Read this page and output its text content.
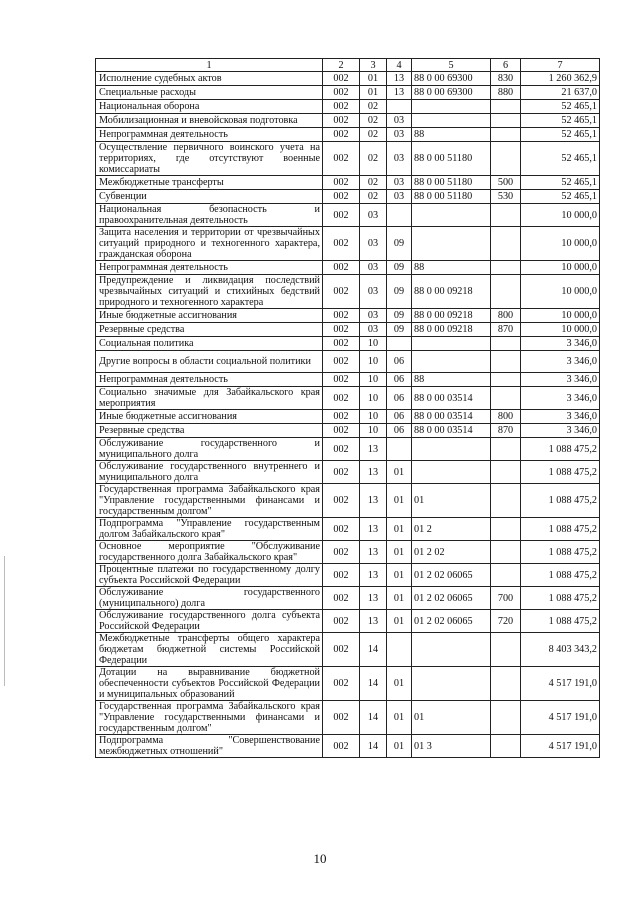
1	2	3	4	5	6	7
Исполнение судебных актов	002	01	13	88 0 00 69300	830	1 260 362,9
Специальные расходы	002	01	13	88 0 00 69300	880	21 637,0
Национальная оборона	002	02				52 465,1
Мобилизационная и вневойсковая подготовка	002	02	03			52 465,1
Непрограммная деятельность	002	02	03	88		52 465,1
Осуществление первичного воинского учета на территориях, где отсутствуют военные комиссариаты	002	02	03	88 0 00 51180		52 465,1
Межбюджетные трансферты	002	02	03	88 0 00 51180	500	52 465,1
Субвенции	002	02	03	88 0 00 51180	530	52 465,1
Национальная безопасность и правоохранительная деятельность	002	03				10 000,0
Защита населения и территории от чрезвычайных ситуаций природного и техногенного характера, гражданская оборона	002	03	09			10 000,0
Непрограммная деятельность	002	03	09	88		10 000,0
Предупреждение и ликвидация последствий чрезвычайных ситуаций и стихийных бедствий природного и техногенного характера	002	03	09	88 0 00 09218		10 000,0
Иные бюджетные ассигнования	002	03	09	88 0 00 09218	800	10 000,0
Резервные средства	002	03	09	88 0 00 09218	870	10 000,0
Социальная политика	002	10				3 346,0
Другие вопросы в области социальной политики	002	10	06			3 346,0
Непрограммная деятельность	002	10	06	88		3 346,0
Социально значимые для Забайкальского края мероприятия	002	10	06	88 0 00 03514		3 346,0
Иные бюджетные ассигнования	002	10	06	88 0 00 03514	800	3 346,0
Резервные средства	002	10	06	88 0 00 03514	870	3 346,0
Обслуживание государственного и муниципального долга	002	13				1 088 475,2
Обслуживание государственного внутреннего и муниципального долга	002	13	01			1 088 475,2
Государственная программа Забайкальского края "Управление государственными финансами и государственным долгом"	002	13	01	01		1 088 475,2
Подпрограмма "Управление государственным долгом Забайкальского края"	002	13	01	01 2		1 088 475,2
Основное мероприятие "Обслуживание государственного долга Забайкальского края"	002	13	01	01 2 02		1 088 475,2
Процентные платежи по государственному долгу субъекта Российской Федерации	002	13	01	01 2 02 06065		1 088 475,2
Обслуживание государственного (муниципального) долга	002	13	01	01 2 02 06065	700	1 088 475,2
Обслуживание государственного долга субъекта Российской Федерации	002	13	01	01 2 02 06065	720	1 088 475,2
Межбюджетные трансферты общего характера бюджетам бюджетной системы Российской Федерации	002	14				8 403 343,2
Дотации на выравнивание бюджетной обеспеченности субъектов Российской Федерации и муниципальных образований	002	14	01			4 517 191,0
Государственная программа Забайкальского края "Управление государственными финансами и государственным долгом"	002	14	01	01		4 517 191,0
Подпрограмма "Совершенствование межбюджетных отношений"	002	14	01	01 3		4 517 191,0
10
